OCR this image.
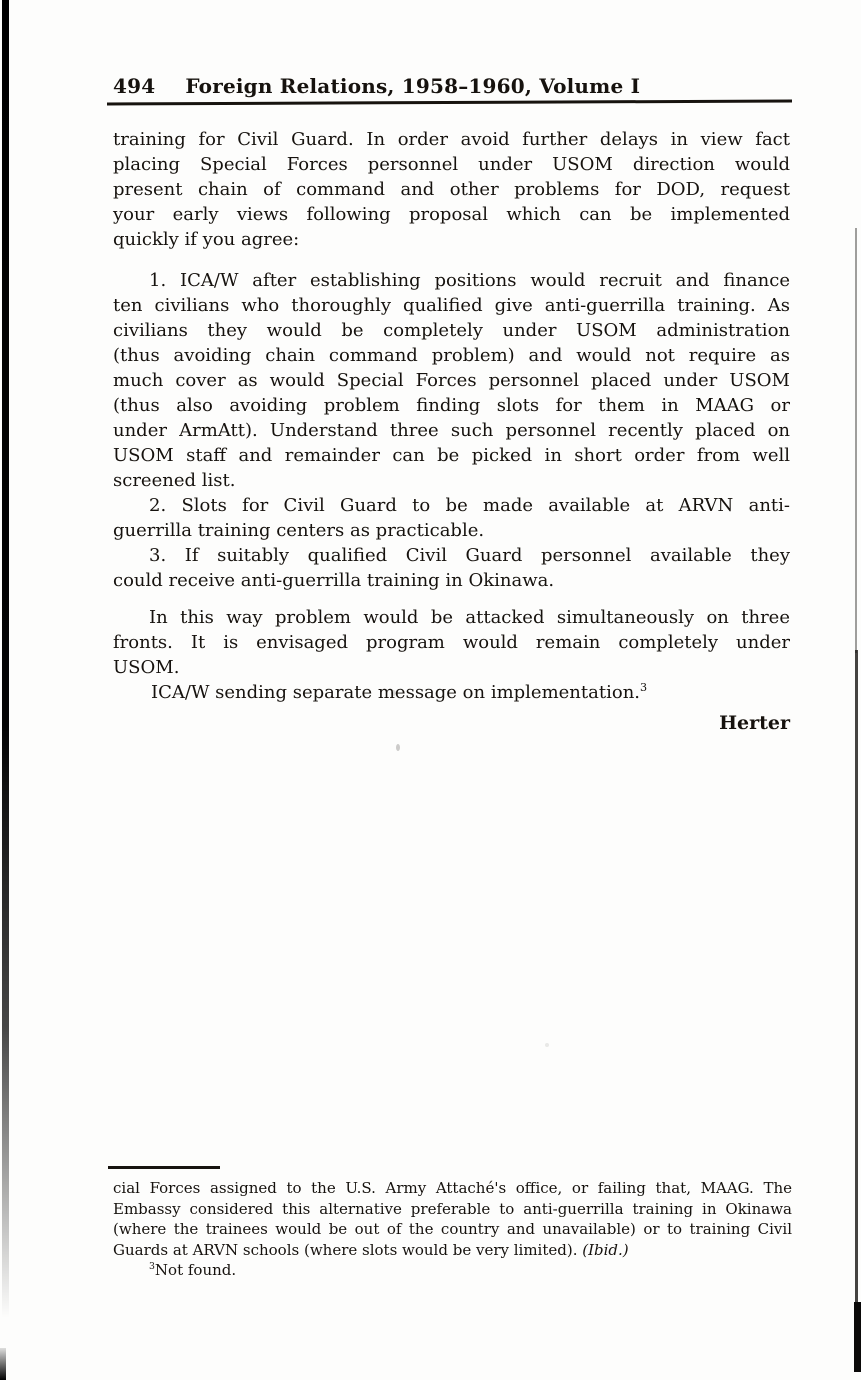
494 Foreign Relations, 1958–1960, Volume I
training for Civil Guard. In order avoid further delays in view fact
placing Special Forces personnel under USOM direction would
present chain of command and other problems for DOD, request
your early views following proposal which can be implemented
quickly if you agree:
1. ICA/W after establishing positions would recruit and finance
ten civilians who thoroughly qualified give anti-guerrilla training. As
civilians they would be completely under USOM administration
(thus avoiding chain command problem) and would not require as
much cover as would Special Forces personnel placed under USOM
(thus also avoiding problem finding slots for them in MAAG or
under ArmAtt). Understand three such personnel recently placed on
USOM staff and remainder can be picked in short order from well
screened list.
2. Slots for Civil Guard to be made available at ARVN anti-
guerrilla training centers as practicable.
3. If suitably qualified Civil Guard personnel available they
could receive anti-guerrilla training in Okinawa.
In this way problem would be attacked simultaneously on three
fronts. It is envisaged program would remain completely under
USOM.
ICA/W sending separate message on implementation.$^3$
Herter
cial Forces assigned to the U.S. Army Attaché's office, or failing that, MAAG. The
Embassy considered this alternative preferable to anti-guerrilla training in Okinawa
(where the trainees would be out of the country and unavailable) or to training Civil
Guards at ARVN schools (where slots would be very limited). (Ibid.)
$^3$Not found.
